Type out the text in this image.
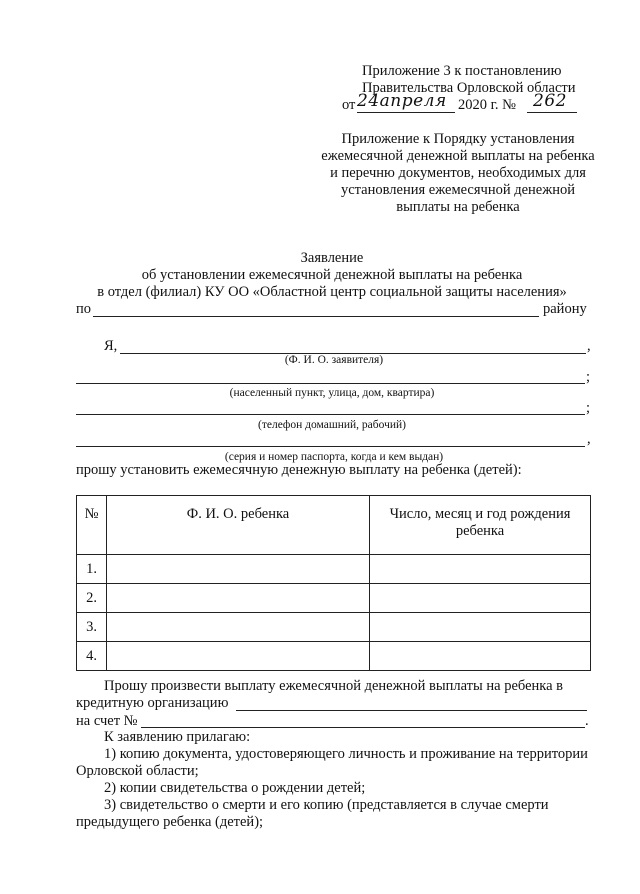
Приложение 3 к постановлению
Правительства Орловской области
от 24апреля 2020 г. № 262
Приложение к Порядку установления
ежемесячной денежной выплаты на ребенка
и перечню документов, необходимых для
установления ежемесячной денежной
выплаты на ребенка
Заявление
об установлении ежемесячной денежной выплаты на ребенка
в отдел (филиал) КУ ОО «Областной центр социальной защиты населения»
по	району
Я,	,
(Ф. И. О. заявителя)
;
(населенный пункт, улица, дом, квартира)
;
(телефон домашний, рабочий)
,
(серия и номер паспорта, когда и кем выдан)
прошу установить ежемесячную денежную выплату на ребенка (детей):
№	Ф. И. О. ребенка	Число, месяц и год рождения ребенка
1.		
2.		
3.		
4.		
Прошу произвести выплату ежемесячной денежной выплаты на ребенка в
кредитную организацию
на счет №	.
К заявлению прилагаю:
1) копию документа, удостоверяющего личность и проживание на территории
Орловской области;
2) копии свидетельства о рождении детей;
3) свидетельство о смерти и его копию (представляется в случае смерти
предыдущего ребенка (детей);
